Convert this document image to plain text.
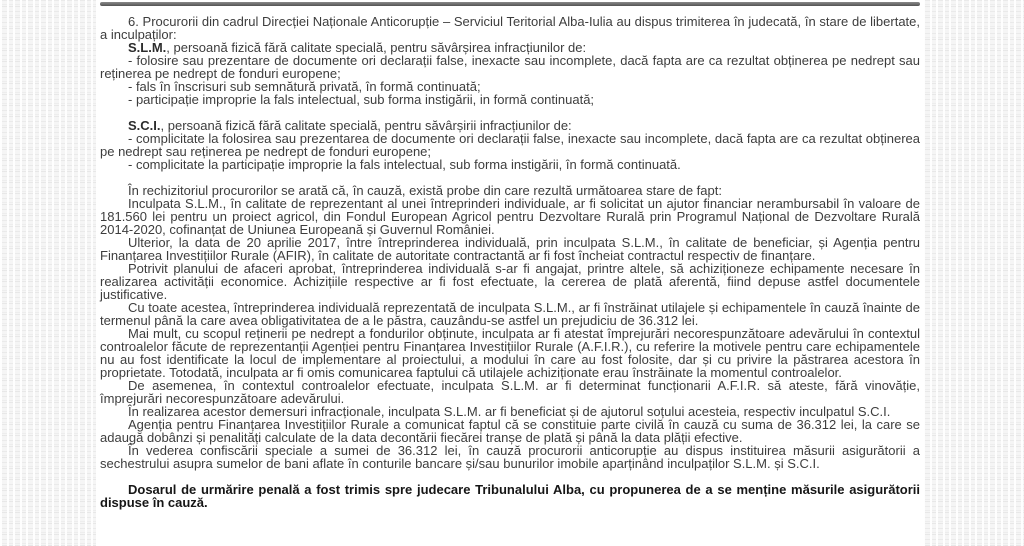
6. Procurorii din cadrul Direcției Naționale Anticorupție – Serviciul Teritorial Alba-Iulia au dispus trimiterea în judecată, în stare de libertate, a inculpaților:

S.L.M., persoană fizică fără calitate specială, pentru săvârșirea infracțiunilor de:

- folosire sau prezentare de documente ori declarații false, inexacte sau incomplete, dacă fapta are ca rezultat obținerea pe nedrept sau reținerea pe nedrept de fonduri europene;

- fals în înscrisuri sub semnătură privată, în formă continuată;

- participație improprie la fals intelectual, sub forma instigării, in formă continuată;

S.C.I., persoană fizică fără calitate specială, pentru săvârșirii infracțiunilor de:

- complicitate la folosirea sau prezentarea de documente ori declarații false, inexacte sau incomplete, dacă fapta are ca rezultat obținerea pe nedrept sau reținerea pe nedrept de fonduri europene;

- complicitate la participație improprie la fals intelectual, sub forma instigării, în formă continuată.

În rechizitoriul procurorilor se arată că, în cauză, există probe din care rezultă următoarea stare de fapt:

Inculpata S.L.M., în calitate de reprezentant al unei întreprinderi individuale, ar fi solicitat un ajutor financiar nerambursabil în valoare de 181.560 lei pentru un proiect agricol, din Fondul European Agricol pentru Dezvoltare Rurală prin Programul Național de Dezvoltare Rurală 2014-2020, cofinanțat de Uniunea Europeană și Guvernul României.

Ulterior, la data de 20 aprilie 2017, între întreprinderea individuală, prin inculpata S.L.M., în calitate de beneficiar, și Agenția pentru Finanțarea Investițiilor Rurale (AFIR), în calitate de autoritate contractantă ar fi fost încheiat contractul respectiv de finanțare.

Potrivit planului de afaceri aprobat, întreprinderea individuală s-ar fi angajat, printre altele, să achiziționeze echipamente necesare în realizarea activității economice. Achizițiile respective ar fi fost efectuate, la cererea de plată aferentă, fiind depuse astfel documentele justificative.

Cu toate acestea, întreprinderea individuală reprezentată de inculpata S.L.M., ar fi înstrăinat utilajele și echipamentele în cauză înainte de termenul până la care avea obligativitatea de a le păstra, cauzându-se astfel un prejudiciu de 36.312 lei.

Mai mult, cu scopul reținerii pe nedrept a fondurilor obținute, inculpata ar fi atestat împrejurări necorespunzătoare adevărului în contextul controalelor făcute de reprezentanții Agenției pentru Finanțarea Investițiilor Rurale (A.F.I.R.), cu referire la motivele pentru care echipamentele nu au fost identificate la locul de implementare al proiectului, a modului în care au fost folosite, dar și cu privire la păstrarea acestora în proprietate. Totodată, inculpata ar fi omis comunicarea faptului că utilajele achiziționate erau înstrăinate la momentul controalelor.

De asemenea, în contextul controalelor efectuate, inculpata S.L.M. ar fi determinat funcționarii A.F.I.R. să ateste, fără vinovăție, împrejurări necorespunzătoare adevărului.

În realizarea acestor demersuri infracționale, inculpata S.L.M. ar fi beneficiat și de ajutorul soțului acesteia, respectiv inculpatul S.C.I.

Agenția pentru Finanțarea Investițiilor Rurale a comunicat faptul că se constituie parte civilă în cauză cu suma de 36.312 lei, la care se adaugă dobânzi și penalități calculate de la data decontării fiecărei tranșe de plată și până la data plății efective.

În vederea confiscării speciale a sumei de 36.312 lei, în cauză procurorii anticorupție au dispus instituirea măsurii asigurătorii a sechestrului asupra sumelor de bani aflate în conturile bancare și/sau bunurilor imobile aparținând inculpaților S.L.M. și S.C.I.

Dosarul de urmărire penală a fost trimis spre judecare Tribunalului Alba, cu propunerea de a se menține măsurile asigurătorii dispuse în cauză.
